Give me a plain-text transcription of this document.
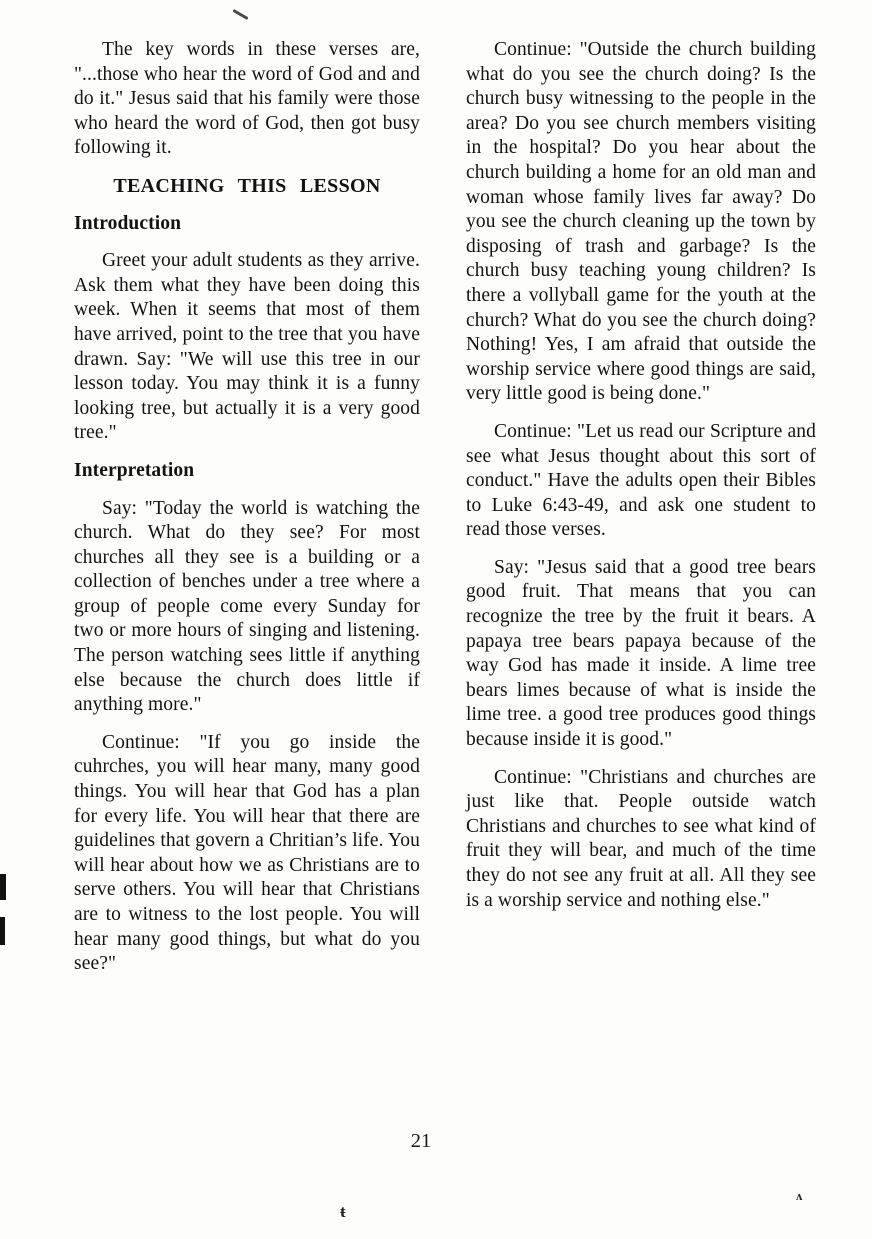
The key words in these verses are, "...those who hear the word of God and and do it." Jesus said that his family were those who heard the word of God, then got busy following it.

TEACHING THIS LESSON
Introduction

Greet your adult students as they arrive. Ask them what they have been doing this week. When it seems that most of them have arrived, point to the tree that you have drawn. Say: "We will use this tree in our lesson today. You may think it is a funny looking tree, but actually it is a very good tree."

Interpretation

Say: "Today the world is watching the church. What do they see? For most churches all they see is a building or a collection of benches under a tree where a group of people come every Sunday for two or more hours of singing and listening. The person watching sees little if anything else because the church does little if anything more."

Continue: "If you go inside the cuhrches, you will hear many, many good things. You will hear that God has a plan for every life. You will hear that there are guidelines that govern a Chritian’s life. You will hear about how we as Christians are to serve others. You will hear that Christians are to witness to the lost people. You will hear many good things, but what do you see?"

Continue: "Outside the church building what do you see the church doing? Is the church busy witnessing to the people in the area? Do you see church members visiting in the hospital? Do you hear about the church building a home for an old man and woman whose family lives far away? Do you see the church cleaning up the town by disposing of trash and garbage? Is the church busy teaching young children? Is there a vollyball game for the youth at the church? What do you see the church doing? Nothing! Yes, I am afraid that outside the worship service where good things are said, very little good is being done."

Continue: "Let us read our Scripture and see what Jesus thought about this sort of conduct." Have the adults open their Bibles to Luke 6:43-49, and ask one student to read those verses.

Say: "Jesus said that a good tree bears good fruit. That means that you can recognize the tree by the fruit it bears. A papaya tree bears papaya because of the way God has made it inside. A lime tree bears limes because of what is inside the lime tree. a good tree produces good things because inside it is good."

Continue: "Christians and churches are just like that. People outside watch Christians and churches to see what kind of fruit they will bear, and much of the time they do not see any fruit at all. All they see is a worship service and nothing else."

21
ŧ
ʌ
